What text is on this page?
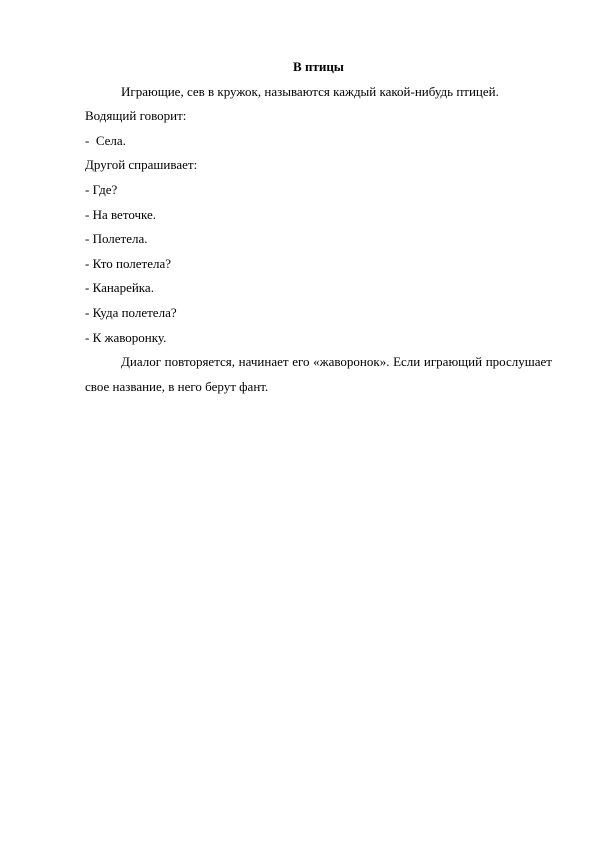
В птицы

Играющие, сев в кружок, называются каждый какой-нибудь птицей.

Водящий говорит:

-  Села.

Другой спрашивает:

- Где?

- На веточке.

- Полетела.

- Кто полетела?

- Канарейка.

- Куда полетела?

- К жаворонку.

Диалог повторяется, начинает его «жаворонок». Если играющий прослушает свое название, в него берут фант.
